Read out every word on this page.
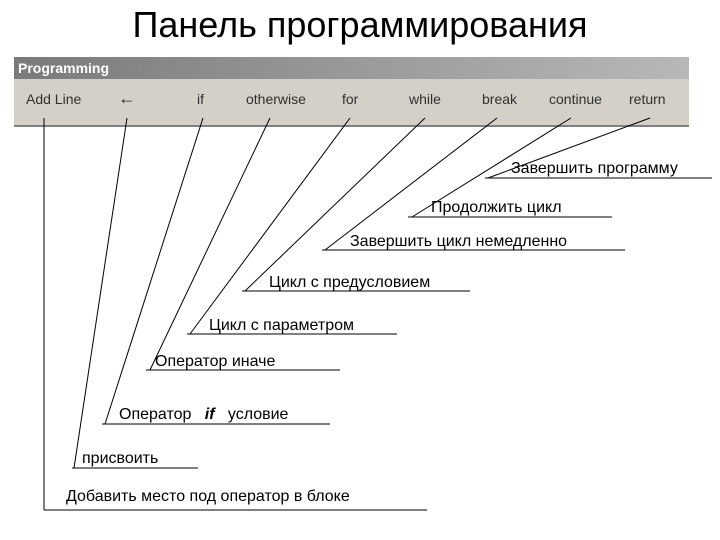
Панель программирования
Programming
Add Line ←	if	otherwise	for	while	break continue return
Завершить программу
Продолжить цикл
Завершить цикл немедленно
Цикл с предусловием
Цикл с параметром
Оператор иначе
Оператор if условие
присвоить
Добавить место под оператор в блоке
